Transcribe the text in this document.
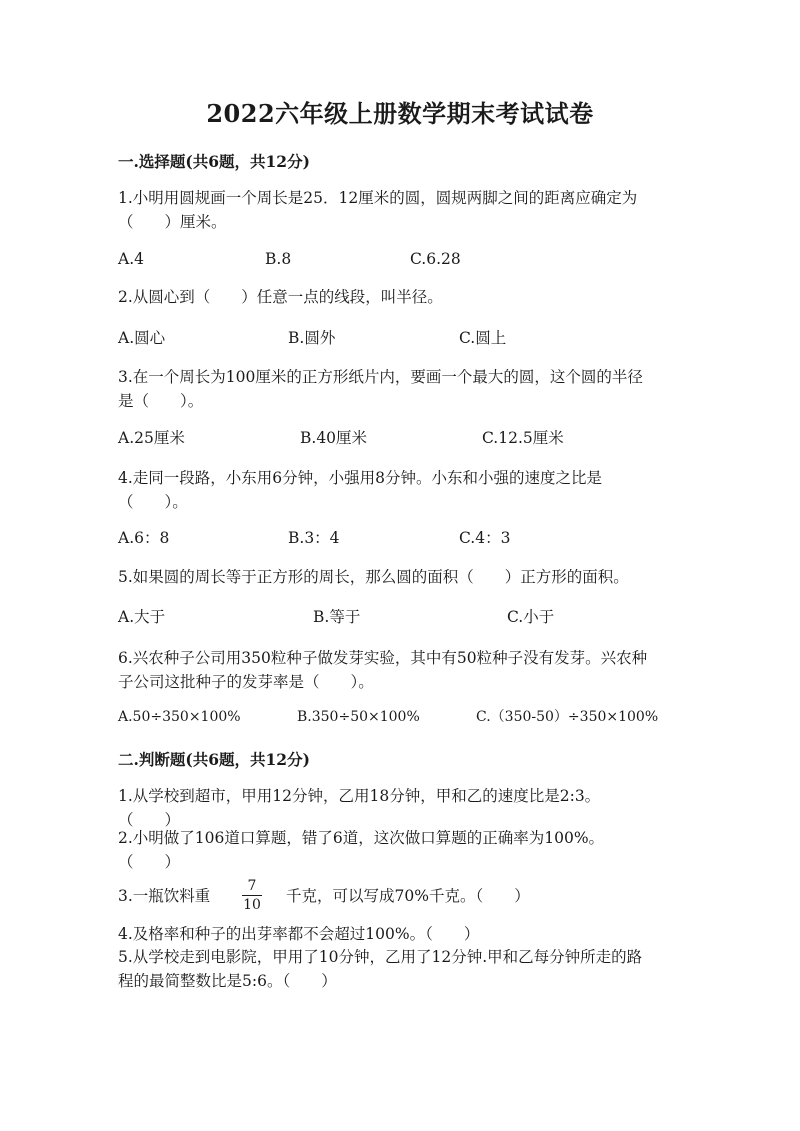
2022六年级上册数学期末考试试卷
一.选择题(共6题，共12分)
1.小明用圆规画一个周长是25．12厘米的圆，圆规两脚之间的距离应确定为
（　　）厘米。
A.4	B.8	C.6.28
2.从圆心到（　　）任意一点的线段，叫半径。
A.圆心	B.圆外	C.圆上
3.在一个周长为100厘米的正方形纸片内，要画一个最大的圆，这个圆的半径
是（　　）。
A.25厘米	B.40厘米	C.12.5厘米
4.走同一段路，小东用6分钟，小强用8分钟。小东和小强的速度之比是
（　　）。
A.6：8	B.3：4	C.4：3
5.如果圆的周长等于正方形的周长，那么圆的面积（　　）正方形的面积。
A.大于	B.等于	C.小于
6.兴农种子公司用350粒种子做发芽实验，其中有50粒种子没有发芽。兴农种
子公司这批种子的发芽率是（　　）。
A.50÷350×100%	B.350÷50×100%	C.（350-50）÷350×100%
二.判断题(共6题，共12分)
1.从学校到超市，甲用12分钟，乙用18分钟，甲和乙的速度比是2:3。
（　　）
2.小明做了106道口算题，错了6道，这次做口算题的正确率为100%。
（　　）
3.一瓶饮料重
7
10 千克，可以写成70%千克。（　　）
4.及格率和种子的出芽率都不会超过100%。（　　）
5.从学校走到电影院，甲用了10分钟，乙用了12分钟.甲和乙每分钟所走的路
程的最简整数比是5:6。（　　）
